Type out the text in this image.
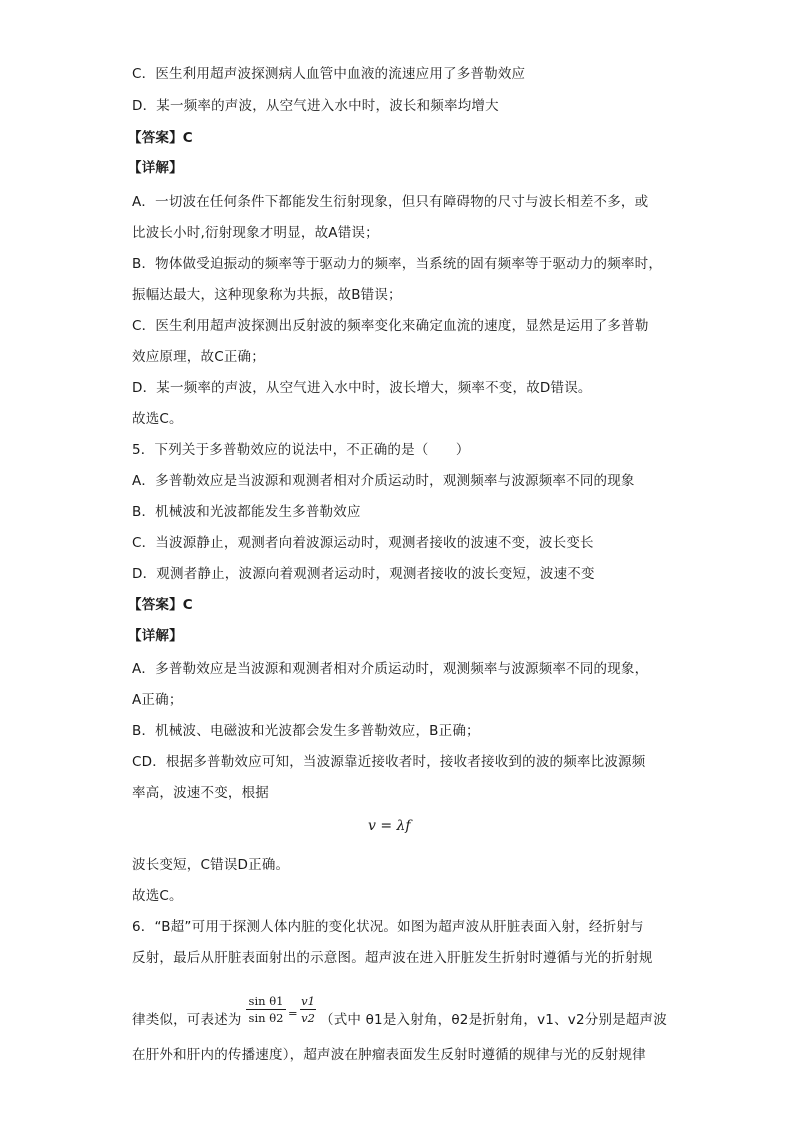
C．医生利用超声波探测病人血管中血液的流速应用了多普勒效应
D．某一频率的声波，从空气进入水中时，波长和频率均增大
【答案】C
【详解】
A．一切波在任何条件下都能发生衍射现象，但只有障碍物的尺寸与波长相差不多，或
比波长小时,衍射现象才明显，故A错误；
B．物体做受迫振动的频率等于驱动力的频率，当系统的固有频率等于驱动力的频率时，
振幅达最大，这种现象称为共振，故B错误；
C．医生利用超声波探测出反射波的频率变化来确定血流的速度，显然是运用了多普勒
效应原理，故C正确；
D．某一频率的声波，从空气进入水中时，波长增大，频率不变，故D错误。
故选C。
5．下列关于多普勒效应的说法中，不正确的是（　　）
A．多普勒效应是当波源和观测者相对介质运动时，观测频率与波源频率不同的现象
B．机械波和光波都能发生多普勒效应
C．当波源静止，观测者向着波源运动时，观测者接收的波速不变，波长变长
D．观测者静止，波源向着观测者运动时，观测者接收的波长变短，波速不变
【答案】C
【详解】
A．多普勒效应是当波源和观测者相对介质运动时，观测频率与波源频率不同的现象，
A正确；
B．机械波、电磁波和光波都会发生多普勒效应，B正确；
CD．根据多普勒效应可知，当波源靠近接收者时，接收者接收到的波的频率比波源频
率高，波速不变，根据
v = λf
波长变短，C错误D正确。
故选C。
6．“B超”可用于探测人体内脏的变化状况。如图为超声波从肝脏表面入射，经折射与
反射，最后从肝脏表面射出的示意图。超声波在进入肝脏发生折射时遵循与光的折射规
律类似，可表述为
sin θ1
sin θ2 =
v1
v2 （式中 θ1是入射角，θ2是折射角，v1、v2分别是超声波
在肝外和肝内的传播速度），超声波在肿瘤表面发生反射时遵循的规律与光的反射规律
